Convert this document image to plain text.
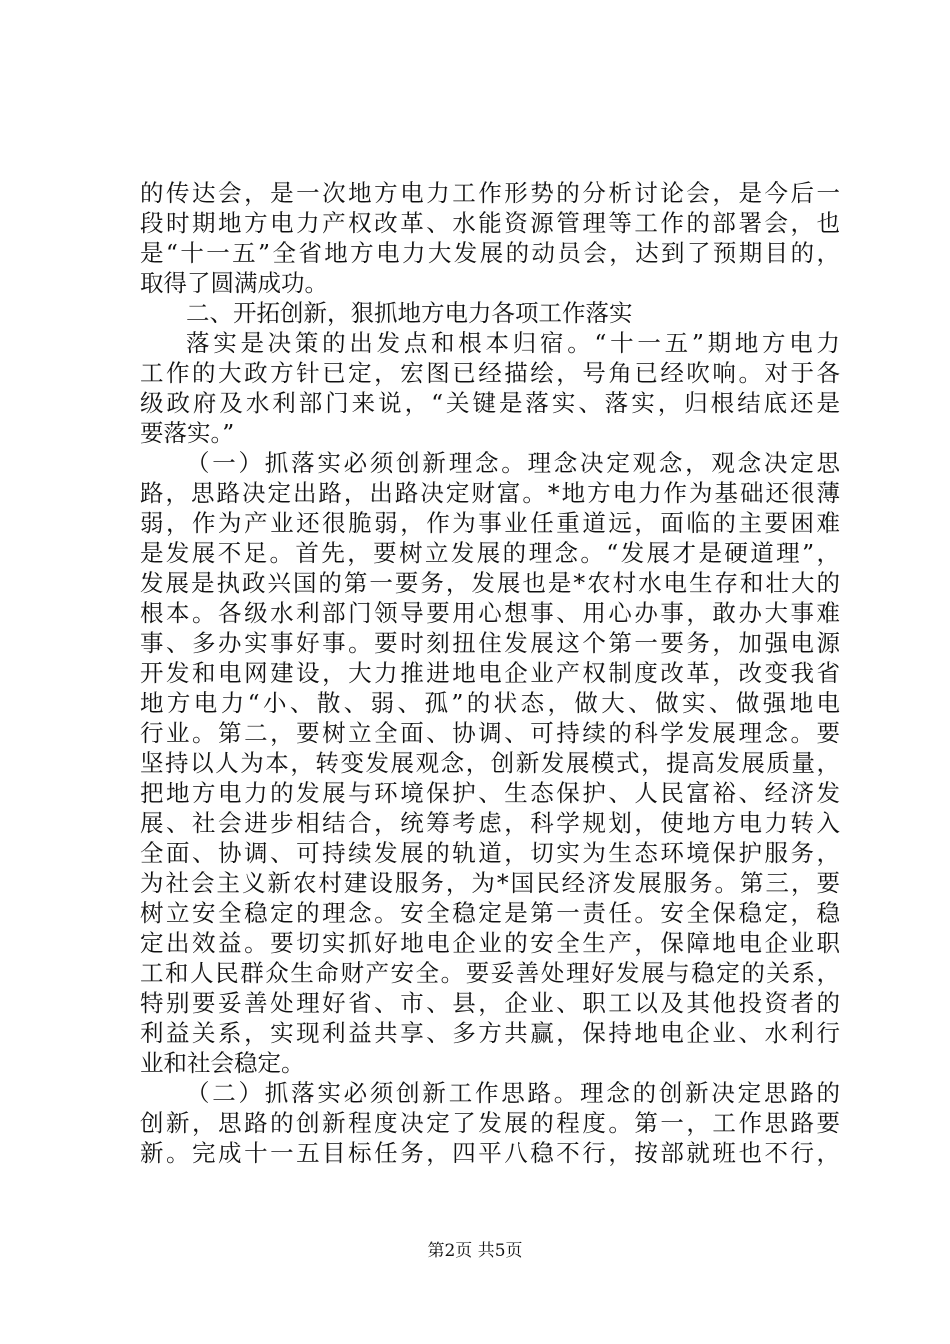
的传达会，是一次地方电力工作形势的分析讨论会，是今后一
段时期地方电力产权改革、水能资源管理等工作的部署会，也
是“十一五”全省地方电力大发展的动员会，达到了预期目的，
取得了圆满成功。
二、开拓创新，狠抓地方电力各项工作落实
落实是决策的出发点和根本归宿。“十一五”期地方电力
工作的大政方针已定，宏图已经描绘，号角已经吹响。对于各
级政府及水利部门来说，“关键是落实、落实，归根结底还是
要落实。”
（一）抓落实必须创新理念。理念决定观念，观念决定思
路，思路决定出路，出路决定财富。*地方电力作为基础还很薄
弱，作为产业还很脆弱，作为事业任重道远，面临的主要困难
是发展不足。首先，要树立发展的理念。“发展才是硬道理”，
发展是执政兴国的第一要务，发展也是*农村水电生存和壮大的
根本。各级水利部门领导要用心想事、用心办事，敢办大事难
事、多办实事好事。要时刻扭住发展这个第一要务，加强电源
开发和电网建设，大力推进地电企业产权制度改革，改变我省
地方电力“小、散、弱、孤”的状态，做大、做实、做强地电
行业。第二，要树立全面、协调、可持续的科学发展理念。要
坚持以人为本，转变发展观念，创新发展模式，提高发展质量，
把地方电力的发展与环境保护、生态保护、人民富裕、经济发
展、社会进步相结合，统筹考虑，科学规划，使地方电力转入
全面、协调、可持续发展的轨道，切实为生态环境保护服务，
为社会主义新农村建设服务，为*国民经济发展服务。第三，要
树立安全稳定的理念。安全稳定是第一责任。安全保稳定，稳
定出效益。要切实抓好地电企业的安全生产，保障地电企业职
工和人民群众生命财产安全。要妥善处理好发展与稳定的关系，
特别要妥善处理好省、市、县，企业、职工以及其他投资者的
利益关系，实现利益共享、多方共赢，保持地电企业、水利行
业和社会稳定。
（二）抓落实必须创新工作思路。理念的创新决定思路的
创新，思路的创新程度决定了发展的程度。第一，工作思路要
新。完成十一五目标任务，四平八稳不行，按部就班也不行，
第2页 共5页
